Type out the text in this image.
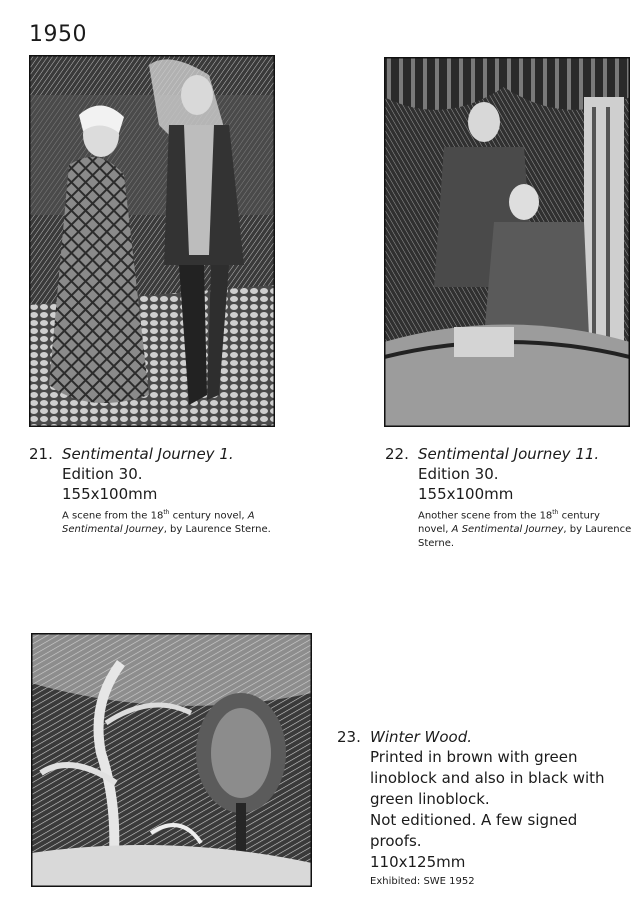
1950
21. Sentimental Journey 1.
Edition 30.
155x100mm
A scene from the 18th century novel, A Sentimental Journey, by Laurence Sterne.
22. Sentimental Journey 11.
Edition 30.
155x100mm
Another scene from the 18th century novel, A Sentimental Journey, by Laurence Sterne.
23. Winter Wood.
Printed in brown with green
linoblock and also in black with
green linoblock.
Not editioned. A few signed
proofs.
110x125mm
Exhibited: SWE 1952
